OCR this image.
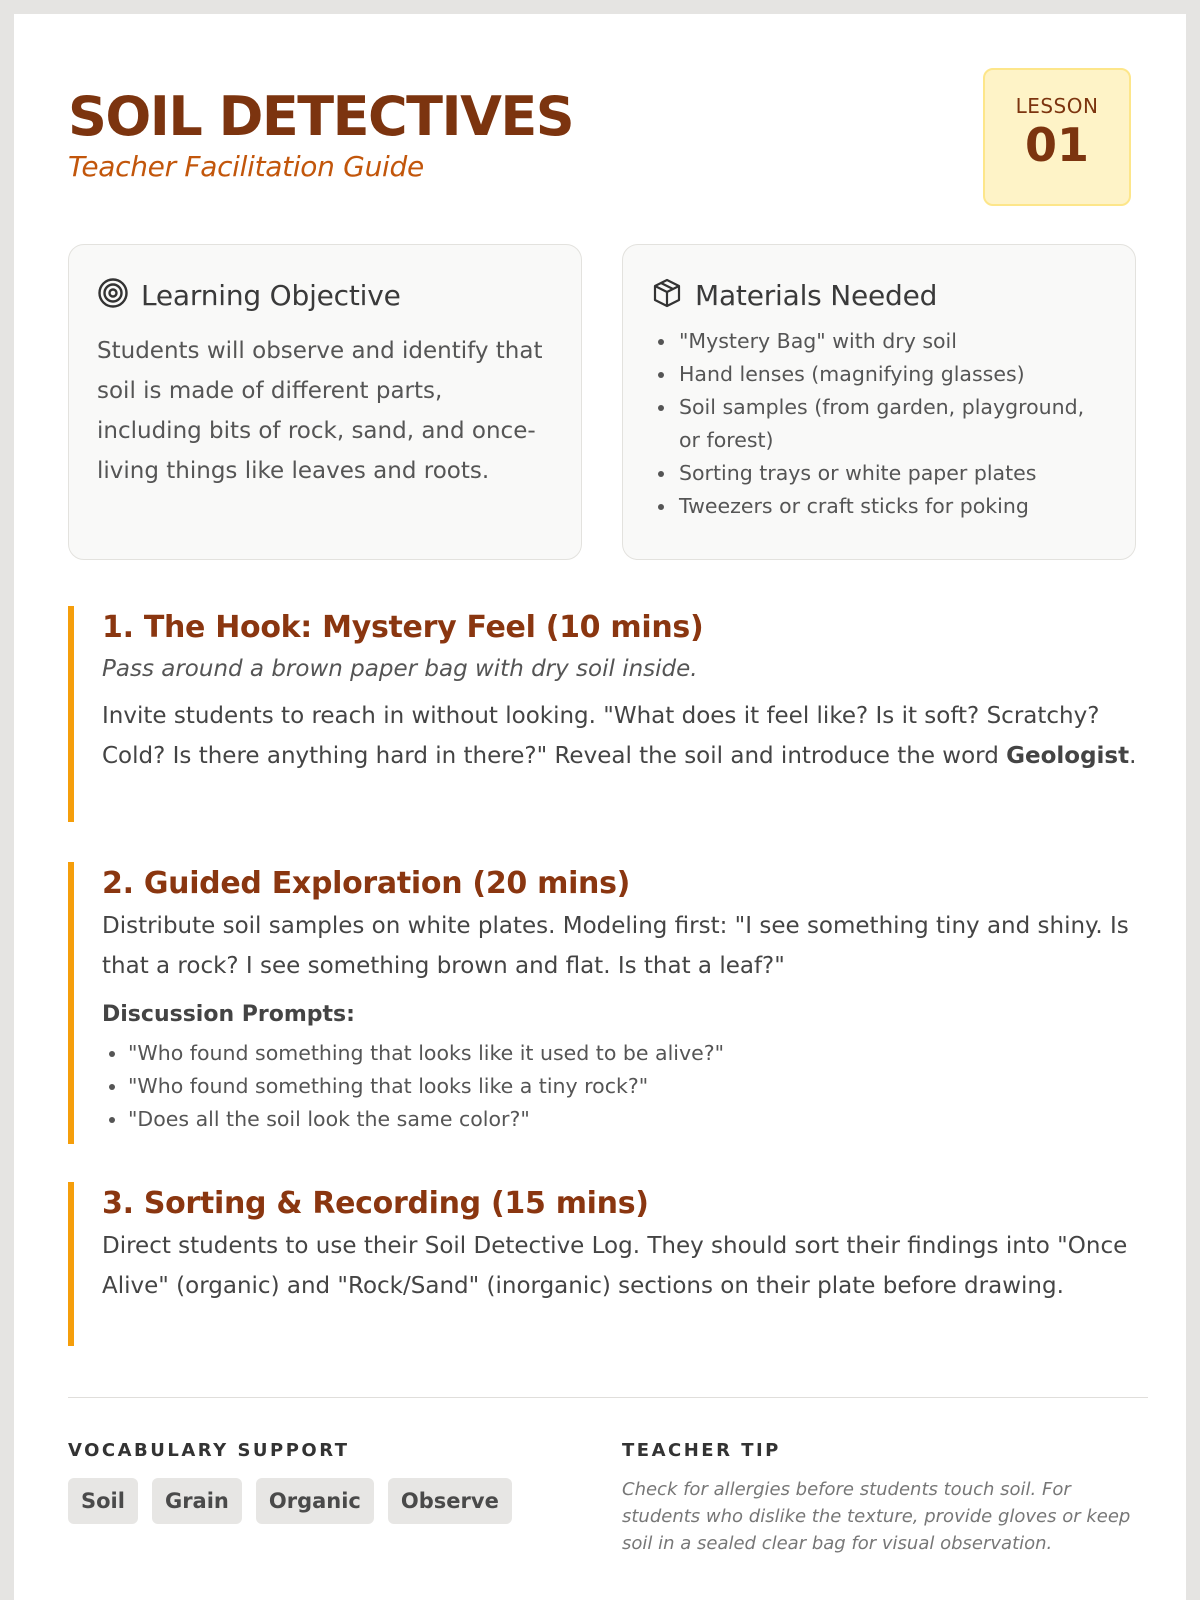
SOIL DETECTIVES
Teacher Facilitation Guide
LESSON
01
Learning Objective
Students will observe and identify that soil is made of different parts, including bits of rock, sand, and once-living things like leaves and roots.
Materials Needed
• "Mystery Bag" with dry soil
• Hand lenses (magnifying glasses)
• Soil samples (from garden, playground, or forest)
• Sorting trays or white paper plates
• Tweezers or craft sticks for poking
1. The Hook: Mystery Feel (10 mins)
Pass around a brown paper bag with dry soil inside.
Invite students to reach in without looking. "What does it feel like? Is it soft? Scratchy? Cold? Is there anything hard in there?" Reveal the soil and introduce the word Geologist.
2. Guided Exploration (20 mins)
Distribute soil samples on white plates. Modeling first: "I see something tiny and shiny. Is that a rock? I see something brown and flat. Is that a leaf?"
Discussion Prompts:
• "Who found something that looks like it used to be alive?"
• "Who found something that looks like a tiny rock?"
• "Does all the soil look the same color?"
3. Sorting & Recording (15 mins)
Direct students to use their Soil Detective Log. They should sort their findings into "Once Alive" (organic) and "Rock/Sand" (inorganic) sections on their plate before drawing.
VOCABULARY SUPPORT
Soil	Grain	Organic	Observe
TEACHER TIP
Check for allergies before students touch soil. For students who dislike the texture, provide gloves or keep soil in a sealed clear bag for visual observation.
